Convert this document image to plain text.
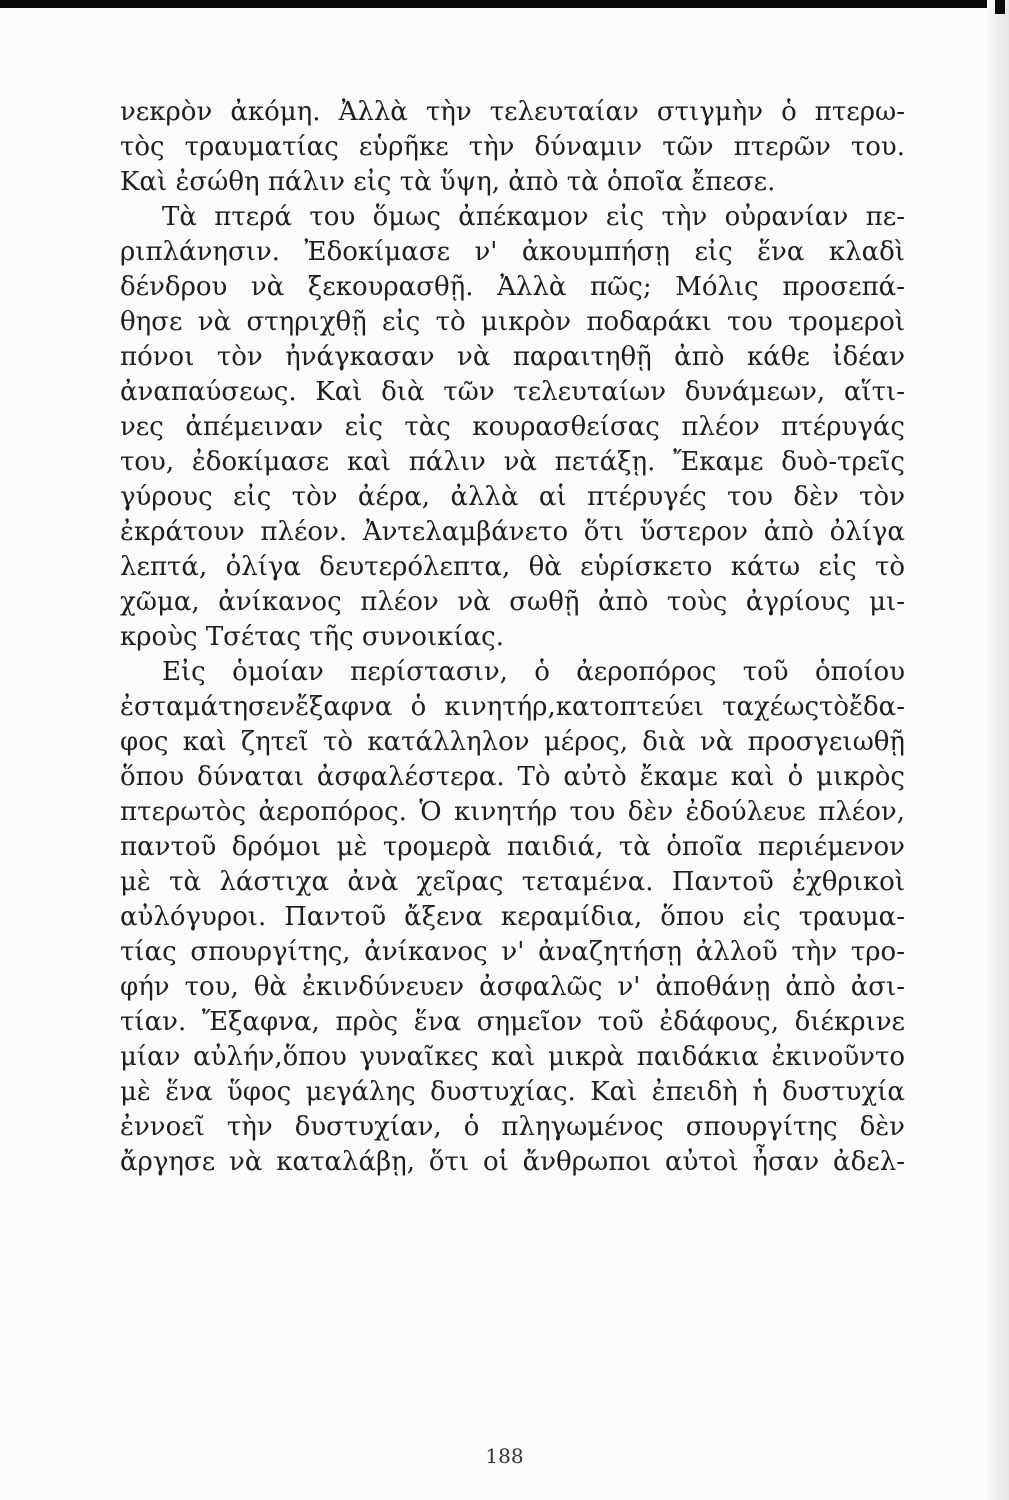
νεκρὸν ἀκόμη. Ἀλλὰ τὴν τελευταίαν στιγμὴν ὁ πτερω-
τὸς τραυματίας εὑρῆκε τὴν δύναμιν τῶν πτερῶν του.
Καὶ ἐσώθη πάλιν εἰς τὰ ὕψη, ἀπὸ τὰ ὁποῖα ἔπεσε.
Τὰ πτερά του ὅμως ἀπέκαμον εἰς τὴν οὐρανίαν πε-
ριπλάνησιν. Ἐδοκίμασε ν' ἀκουμπήσῃ εἰς ἕνα κλαδὶ
δένδρου νὰ ξεκουρασθῇ. Ἀλλὰ πῶς; Μόλις προσεπά-
θησε νὰ στηριχθῇ εἰς τὸ μικρὸν ποδαράκι του τρομεροὶ
πόνοι τὸν ἠνάγκασαν νὰ παραιτηθῇ ἀπὸ κάθε ἰδέαν
ἀναπαύσεως. Καὶ διὰ τῶν τελευταίων δυνάμεων, αἵτι-
νες ἀπέμειναν εἰς τὰς κουρασθείσας πλέον πτέρυγάς
του, ἐδοκίμασε καὶ πάλιν νὰ πετάξῃ. Ἔκαμε δυὸ-τρεῖς
γύρους εἰς τὸν ἀέρα, ἀλλὰ αἱ πτέρυγές του δὲν τὸν
ἐκράτουν πλέον. Ἀντελαμβάνετο ὅτι ὕστερον ἀπὸ ὀλίγα
λεπτά, ὀλίγα δευτερόλεπτα, θὰ εὑρίσκετο κάτω εἰς τὸ
χῶμα, ἀνίκανος πλέον νὰ σωθῇ ἀπὸ τοὺς ἀγρίους μι-
κροὺς Τσέτας τῆς συνοικίας.
Εἰς ὁμοίαν περίστασιν, ὁ ἀεροπόρος τοῦ ὁποίου
ἐσταμάτησενἔξαφνα ὁ κινητήρ,κατοπτεύει ταχέωςτὸἔδα-
φος καὶ ζητεῖ τὸ κατάλληλον μέρος, διὰ νὰ προσγειωθῇ
ὅπου δύναται ἀσφαλέστερα. Τὸ αὐτὸ ἔκαμε καὶ ὁ μικρὸς
πτερωτὸς ἀεροπόρος. Ὁ κινητήρ του δὲν ἐδούλευε πλέον,
παντοῦ δρόμοι μὲ τρομερὰ παιδιά, τὰ ὁποῖα περιέμενον
μὲ τὰ λάστιχα ἀνὰ χεῖρας τεταμένα. Παντοῦ ἐχθρικοὶ
αὐλόγυροι. Παντοῦ ἄξενα κεραμίδια, ὅπου εἰς τραυμα-
τίας σπουργίτης, ἀνίκανος ν' ἀναζητήσῃ ἀλλοῦ τὴν τρο-
φήν του, θὰ ἐκινδύνευεν ἀσφαλῶς ν' ἀποθάνῃ ἀπὸ ἀσι-
τίαν. Ἔξαφνα, πρὸς ἕνα σημεῖον τοῦ ἐδάφους, διέκρινε
μίαν αὐλήν,ὅπου γυναῖκες καὶ μικρὰ παιδάκια ἐκινοῦντο
μὲ ἕνα ὕφος μεγάλης δυστυχίας. Καὶ ἐπειδὴ ἡ δυστυχία
ἐννοεῖ τὴν δυστυχίαν, ὁ πληγωμένος σπουργίτης δὲν
ἄργησε νὰ καταλάβῃ, ὅτι οἱ ἄνθρωποι αὐτοὶ ἦσαν ἀδελ-
188
